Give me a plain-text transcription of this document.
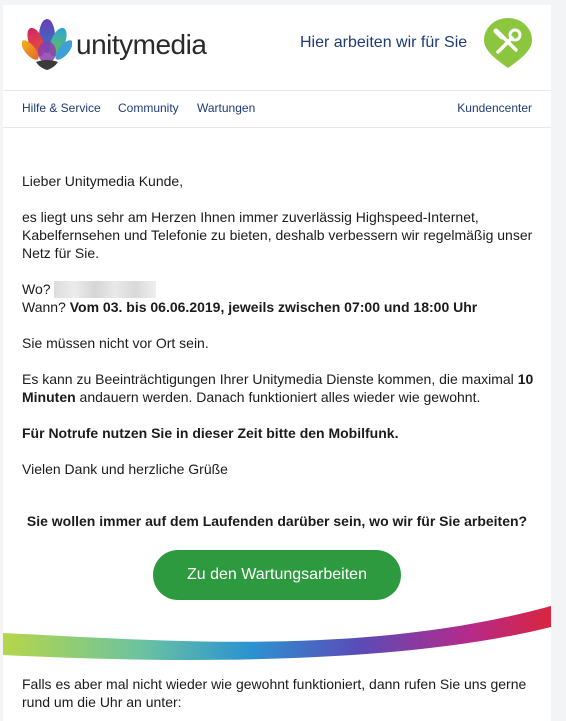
unitymedia	Hier arbeiten wir für Sie
Hilfe & Service Community Wartungen	Kundencenter

Lieber Unitymedia Kunde,

es liegt uns sehr am Herzen Ihnen immer zuverlässig Highspeed-Internet, Kabelfernsehen und Telefonie zu bieten, deshalb verbessern wir regelmäßig unser Netz für Sie.

Wo?
Wann? Vom 03. bis 06.06.2019, jeweils zwischen 07:00 und 18:00 Uhr

Sie müssen nicht vor Ort sein.

Es kann zu Beeinträchtigungen Ihrer Unitymedia Dienste kommen, die maximal 10 Minuten andauern werden. Danach funktioniert alles wieder wie gewohnt.

Für Notrufe nutzen Sie in dieser Zeit bitte den Mobilfunk.

Vielen Dank und herzliche Grüße

Sie wollen immer auf dem Laufenden darüber sein, wo wir für Sie arbeiten?
Zu den Wartungsarbeiten
Falls es aber mal nicht wieder wie gewohnt funktioniert, dann rufen Sie uns gerne rund um die Uhr an unter:
